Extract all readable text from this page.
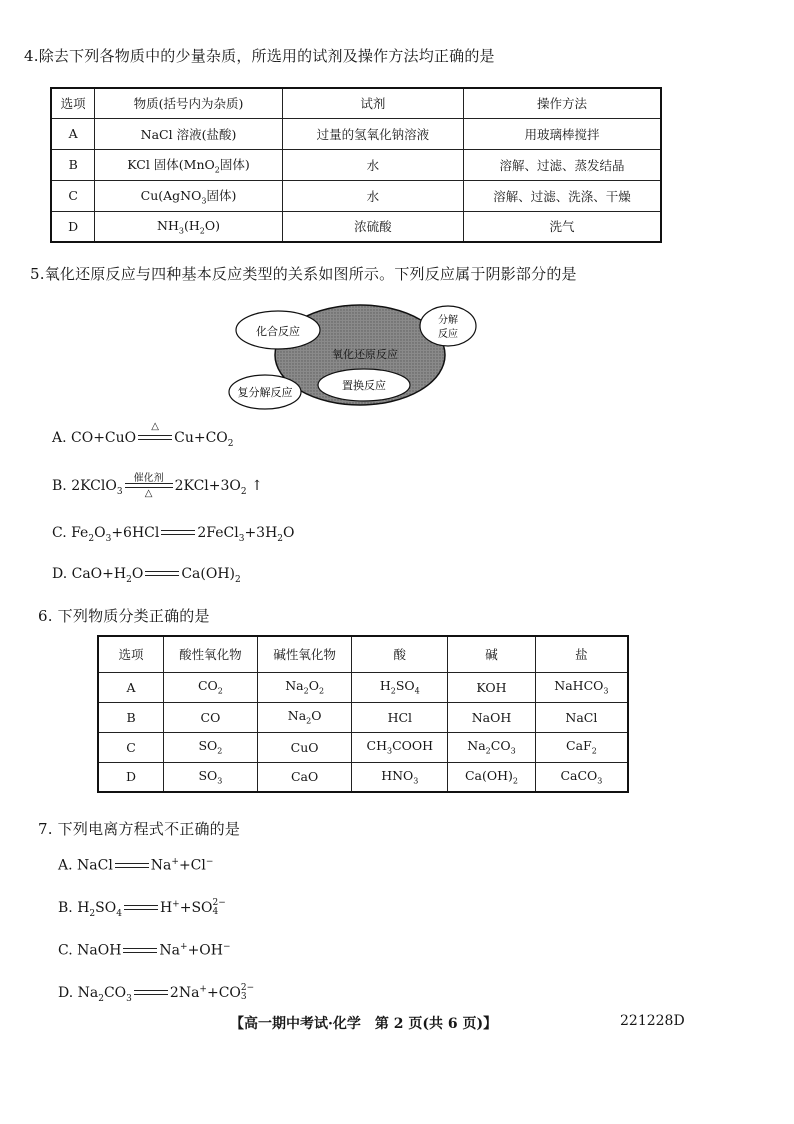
4.除去下列各物质中的少量杂质，所选用的试剂及操作方法均正确的是
选项	物质(括号内为杂质)	试剂	操作方法
A	NaCl 溶液(盐酸)	过量的氢氧化钠溶液	用玻璃棒搅拌
B	KCl 固体(MnO$_2$固体)	水	溶解、过滤、蒸发结晶
C	Cu(AgNO$_3$固体)	水	溶解、过滤、洗涤、干燥
D	$NH_3(H_2O)$	浓硫酸	洗气
5.氧化还原反应与四种基本反应类型的关系如图所示。下列反应属于阴影部分的是
化合反应
分解
反应
氧化还原反应
置换反应
复分解反应
A. CO+CuO
△
$Cu+CO_2$
B. 2KClO$_3$
催化剂
△	$2KCl+3O_2$ ↑
C. $Fe_2O_3+6HCl$	$2FeCl_3+3H_2O$
D. $CaO+H_2O$	$Ca(OH)_2$
6. 下列物质分类正确的是
选项	酸性氧化物	碱性氧化物	酸	碱	盐
A	$CO_2$	$Na_2O_2$	$H_2SO_4$	KOH	NaHCO$_3$
B	CO	$Na_2O$	HCl	NaOH	NaCl
C	$SO_2$	CuO	$CH_3COOH$	$Na_2CO_3$	CaF$_2$
D	$SO_3$	CaO	$HNO_3$	$Ca(OH)_2$	CaCO$_3$
7. 下列电离方程式不正确的是
A. NaCl	Na++Cl−
B. $H_2SO_4$	H++SO 2−
4
C. NaOH	Na++OH−
D. $Na_2CO_3$	2Na++CO 2−
3
【高一期中考试·化学　第 2 页(共 6 页)】	221228D
